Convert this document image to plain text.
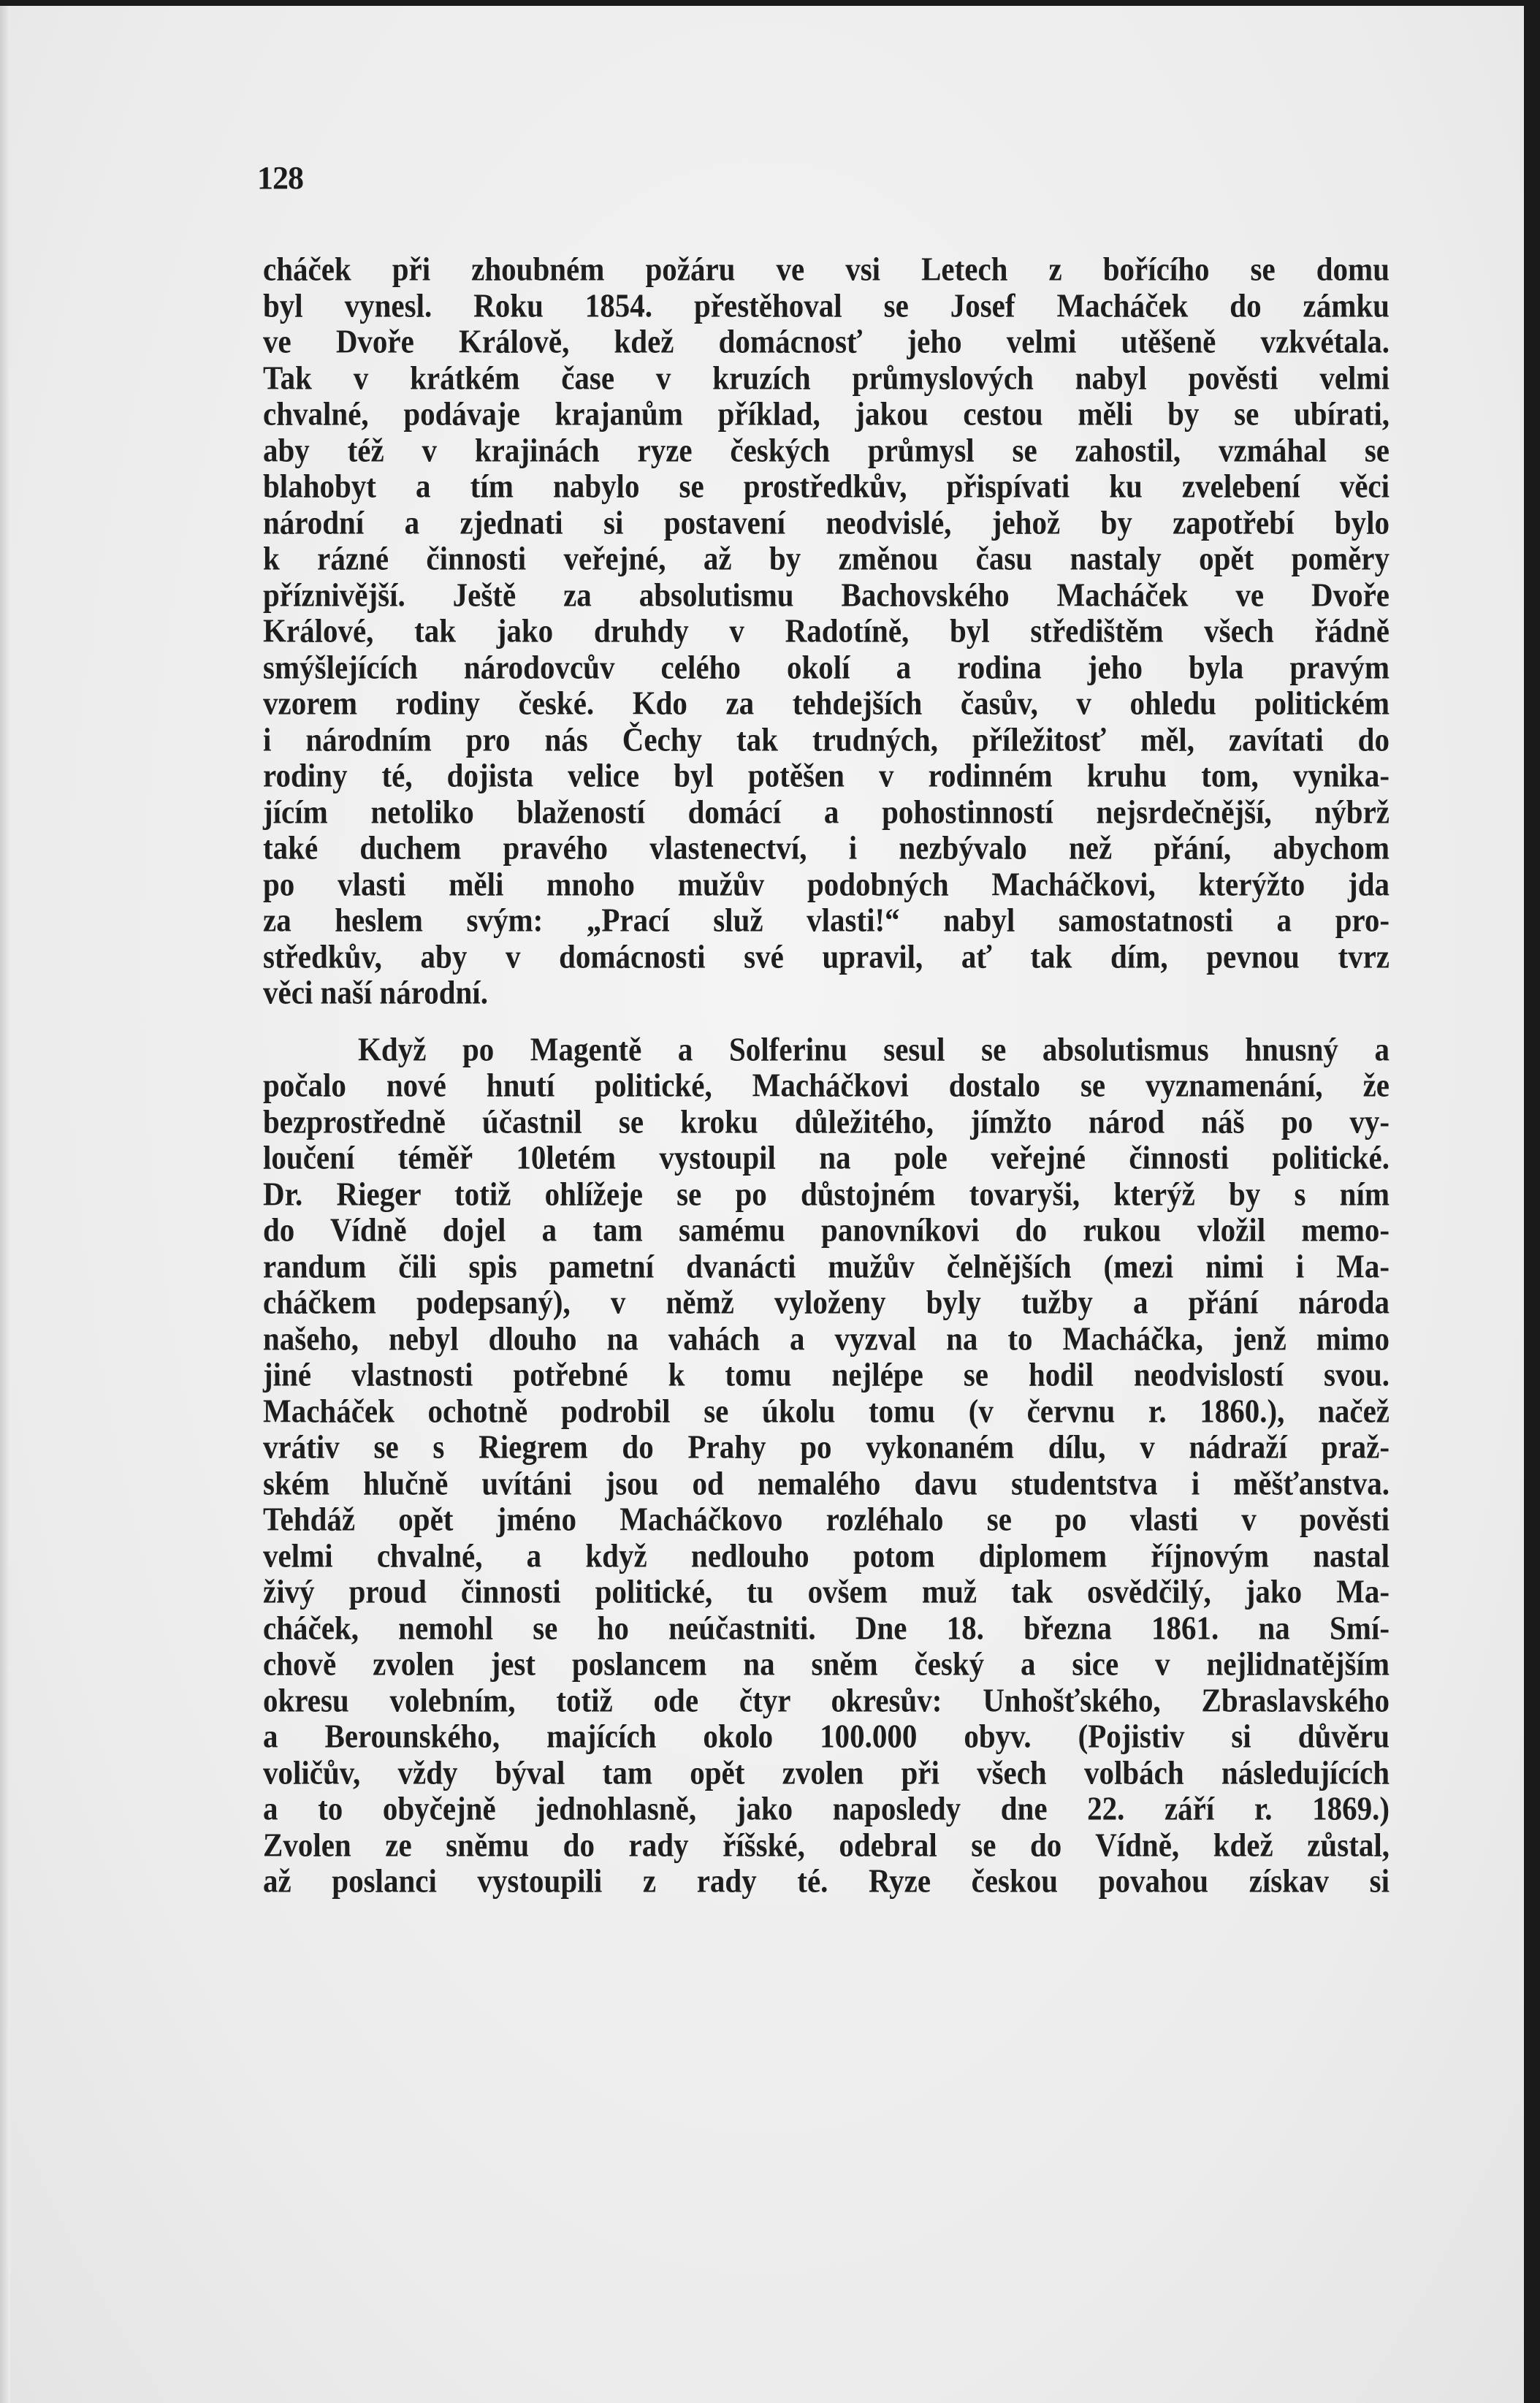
128
cháček při zhoubném požáru ve vsi Letech z bořícího se domu
byl vynesl. Roku 1854. přestěhoval se Josef Macháček do zámku
ve Dvoře Královĕ, kdež domácnosť jeho velmi utěšeně vzkvétala.
Tak v krátkém čase v kruzích průmyslových nabyl pověsti velmi
chvalné, podávaje krajanům příklad, jakou cestou měli by se ubírati,
aby též v krajinách ryze českých průmysl se zahostil, vzmáhal se
blahobyt a tím nabylo se prostředkův, přispívati ku zvelebení věci
národní a zjednati si postavení neodvislé, jehož by zapotřebí bylo
k rázné činnosti veřejné, až by změnou času nastaly opět poměry
příznivější. Ještě za absolutismu Bachovského Macháček ve Dvoře
Králové, tak jako druhdy v Radotíně, byl středištěm všech řádně
smýšlejících národovcův celého okolí a rodina jeho byla pravým
vzorem rodiny české. Kdo za tehdejších časův, v ohledu politickém
i národním pro nás Čechy tak trudných, příležitosť měl, zavítati do
rodiny té, dojista velice byl potěšen v rodinném kruhu tom, vynika-
jícím netoliko blažeností domácí a pohostinností nejsrdečnější, nýbrž
také duchem pravého vlastenectví, i nezbývalo než přání, abychom
po vlasti měli mnoho mužův podobných Macháčkovi, kterýžto jda
za heslem svým: „Prací služ vlasti!“ nabyl samostatnosti a pro-
středkův, aby v domácnosti své upravil, ať tak dím, pevnou tvrz
věci naší národní.
Když po Magentě a Solferinu sesul se absolutismus hnusný a
počalo nové hnutí politické, Macháčkovi dostalo se vyznamenání, že
bezprostředně účastnil se kroku důležitého, jímžto národ náš po vy-
loučení téměř 10letém vystoupil na pole veřejné činnosti politické.
Dr. Rieger totiž ohlížeje se po důstojném tovaryši, kterýž by s ním
do Vídně dojel a tam samému panovníkovi do rukou vložil memo-
randum čili spis pametní dvanácti mužův čelnějších (mezi nimi i Ma-
cháčkem podepsaný), v němž vyloženy byly tužby a přání národa
našeho, nebyl dlouho na vahách a vyzval na to Macháčka, jenž mimo
jiné vlastnosti potřebné k tomu nejlépe se hodil neodvislostí svou.
Macháček ochotně podrobil se úkolu tomu (v červnu r. 1860.), načež
vrátiv se s Riegrem do Prahy po vykonaném dílu, v nádraží praž-
ském hlučně uvítáni jsou od nemalého davu studentstva i měšťanstva.
Tehdáž opět jméno Macháčkovo rozléhalo se po vlasti v pověsti
velmi chvalné, a když nedlouho potom diplomem říjnovým nastal
živý proud činnosti politické, tu ovšem muž tak osvědčilý, jako Ma-
cháček, nemohl se ho neúčastniti. Dne 18. března 1861. na Smí-
chově zvolen jest poslancem na sněm český a sice v nejlidnatějším
okresu volebním, totiž ode čtyr okresův: Unhošťského, Zbraslavského
a Berounského, majících okolo 100.000 obyv. (Pojistiv si důvěru
voličův, vždy býval tam opět zvolen při všech volbách následujících
a to obyčejně jednohlasně, jako naposledy dne 22. září r. 1869.)
Zvolen ze sněmu do rady říšské, odebral se do Vídně, kdež zůstal,
až poslanci vystoupili z rady té. Ryze českou povahou získav si
